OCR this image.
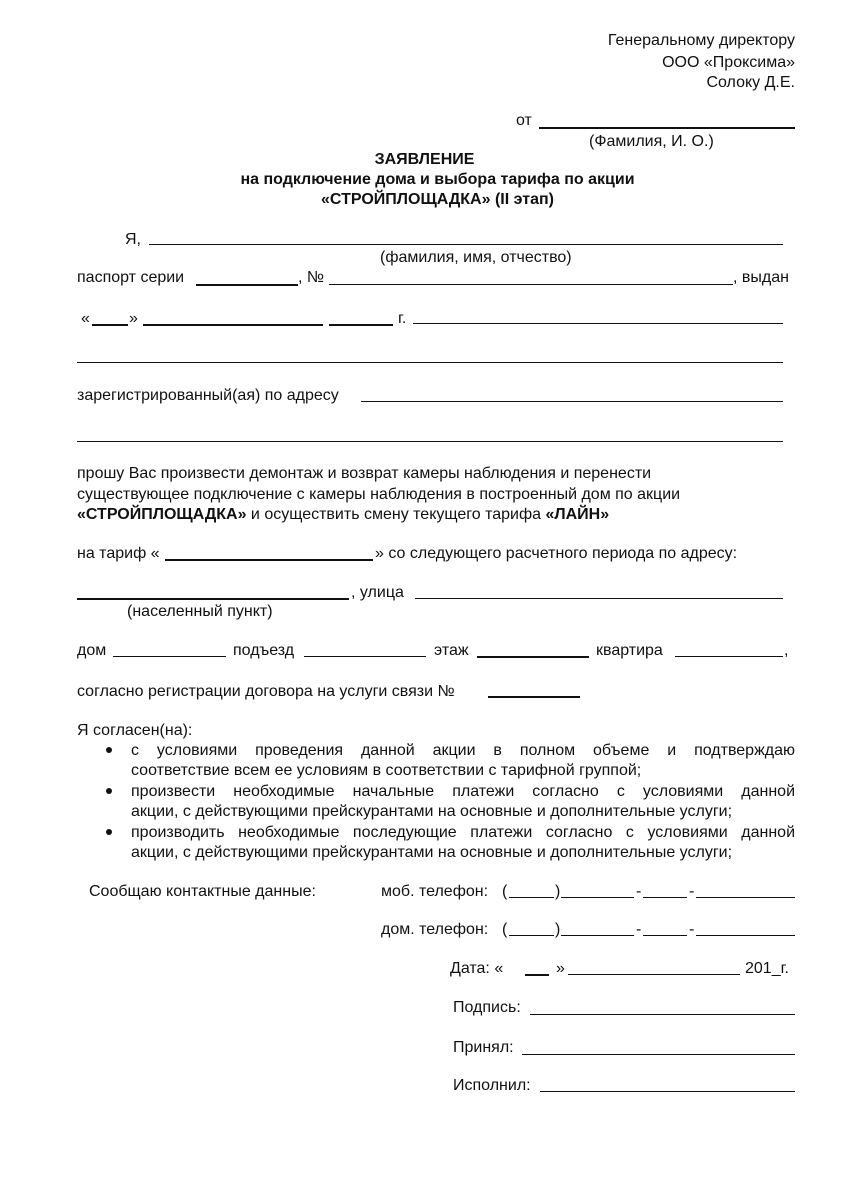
Генеральному директору
ООО «Проксима»
Солоку Д.Е.
от
(Фамилия, И. О.)
ЗАЯВЛЕНИЕ
на подключение дома и выбора тарифа по акции
«СТРОЙПЛОЩАДКА» (II этап)
Я,
(фамилия, имя, отчество)
паспорт серии	, №	, выдан
« »	г.
зарегистрированный(ая) по адресу
прошу Вас произвести демонтаж и возврат камеры наблюдения и перенести
существующее подключение с камеры наблюдения в построенный дом по акции
«СТРОЙПЛОЩАДКА» и осуществить смену текущего тарифа «ЛАЙН»
на тариф «	» со следующего расчетного периода по адресу:
, улица
(населенный пункт)
дом	подъезд	этаж	квартира	,
согласно регистрации договора на услуги связи №
Я согласен(на):
с условиями проведения данной акции в полном объеме и подтверждаю
соответствие всем ее условиям в соответствии с тарифной группой;
произвести необходимые начальные платежи согласно с условиями данной
акции, с действующими прейскурантами на основные и дополнительные услуги;
производить необходимые последующие платежи согласно с условиями данной
акции, с действующими прейскурантами на основные и дополнительные услуги;
Сообщаю контактные данные:	моб. телефон: (	)	-	-
дом. телефон: (	)	-	-
Дата: «	»	201_г.
Подпись:
Принял:
Исполнил:
